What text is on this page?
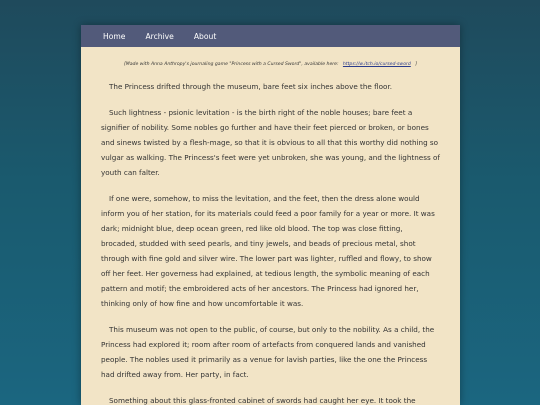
Home	Archive	About
[Made with Anna Anthropy's journaling game "Princess with a Cursed Sword", available here: https://w.itch.io/cursed-sword ]

The Princess drifted through the museum, bare feet six inches above the floor.

Such lightness - psionic levitation - is the birth right of the noble houses; bare feet a signifier of nobility. Some nobles go further and have their feet pierced or broken, or bones and sinews twisted by a flesh-mage, so that it is obvious to all that this worthy did nothing so vulgar as walking. The Princess's feet were yet unbroken, she was young, and the lightness of youth can falter.

If one were, somehow, to miss the levitation, and the feet, then the dress alone would inform you of her station, for its materials could feed a poor family for a year or more. It was dark; midnight blue, deep ocean green, red like old blood. The top was close fitting, brocaded, studded with seed pearls, and tiny jewels, and beads of precious metal, shot through with fine gold and silver wire. The lower part was lighter, ruffled and flowy, to show off her feet. Her governess had explained, at tedious length, the symbolic meaning of each pattern and motif; the embroidered acts of her ancestors. The Princess had ignored her, thinking only of how fine and how uncomfortable it was.

This museum was not open to the public, of course, but only to the nobility. As a child, the Princess had explored it; room after room of artefacts from conquered lands and vanished people. The nobles used it primarily as a venue for lavish parties, like the one the Princess had drifted away from. Her party, in fact.

Something about this glass-fronted cabinet of swords had caught her eye. It took the
